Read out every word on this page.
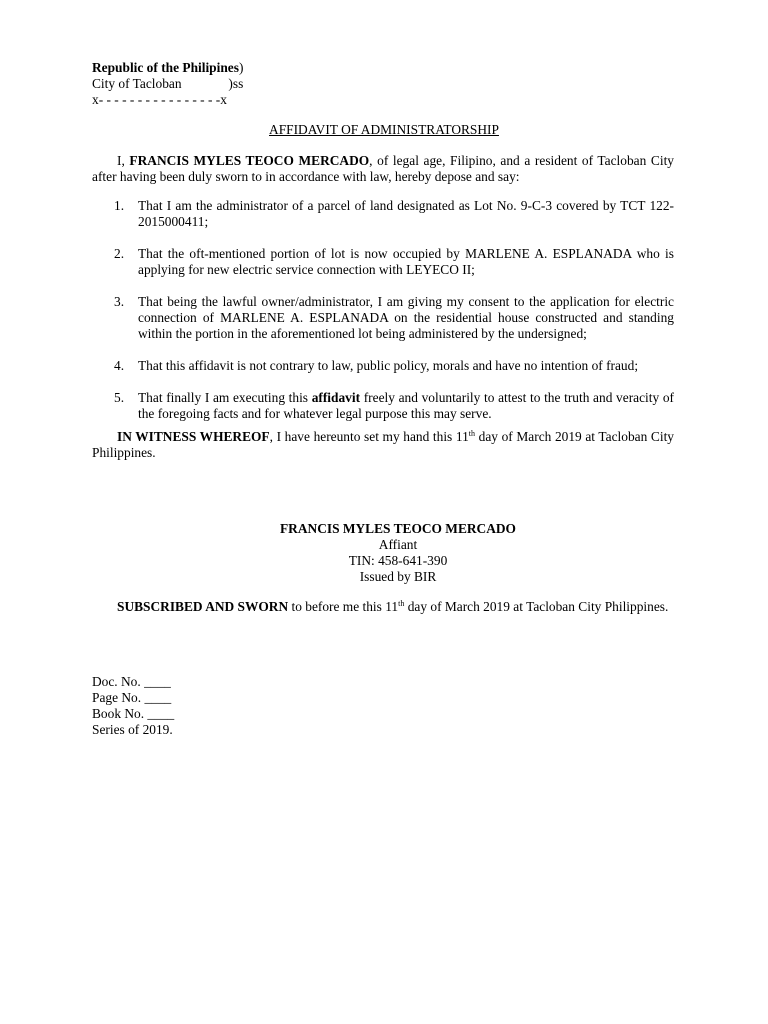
Republic of the Philipines)
City of Tacloban              )ss
x- - - - - - - - - - - - - - - -x
AFFIDAVIT OF ADMINISTRATORSHIP

I, FRANCIS MYLES TEOCO MERCADO, of legal age, Filipino, and a resident of Tacloban City after having been duly sworn to in accordance with law, hereby depose and say:

1. That I am the administrator of a parcel of land designated as Lot No. 9-C-3 covered by TCT 122-2015000411;
2. That the oft-mentioned portion of lot is now occupied by MARLENE A. ESPLANADA who is applying for new electric service connection with LEYECO II;
3. That being the lawful owner/administrator, I am giving my consent to the application for electric connection of MARLENE A. ESPLANADA on the residential house constructed and standing within the portion in the aforementioned lot being administered by the undersigned;
4. That this affidavit is not contrary to law, public policy, morals and have no intention of fraud;
5. That finally I am executing this affidavit freely and voluntarily to attest to the truth and veracity of the foregoing facts and for whatever legal purpose this may serve.

IN WITNESS WHEREOF, I have hereunto set my hand this 11th day of March 2019 at Tacloban City Philippines.

FRANCIS MYLES TEOCO MERCADO
Affiant
TIN: 458-641-390
Issued by BIR

SUBSCRIBED AND SWORN to before me this 11th day of March 2019 at Tacloban City Philippines.

Doc. No. ____
Page No. ____
Book No. ____
Series of 2019.
